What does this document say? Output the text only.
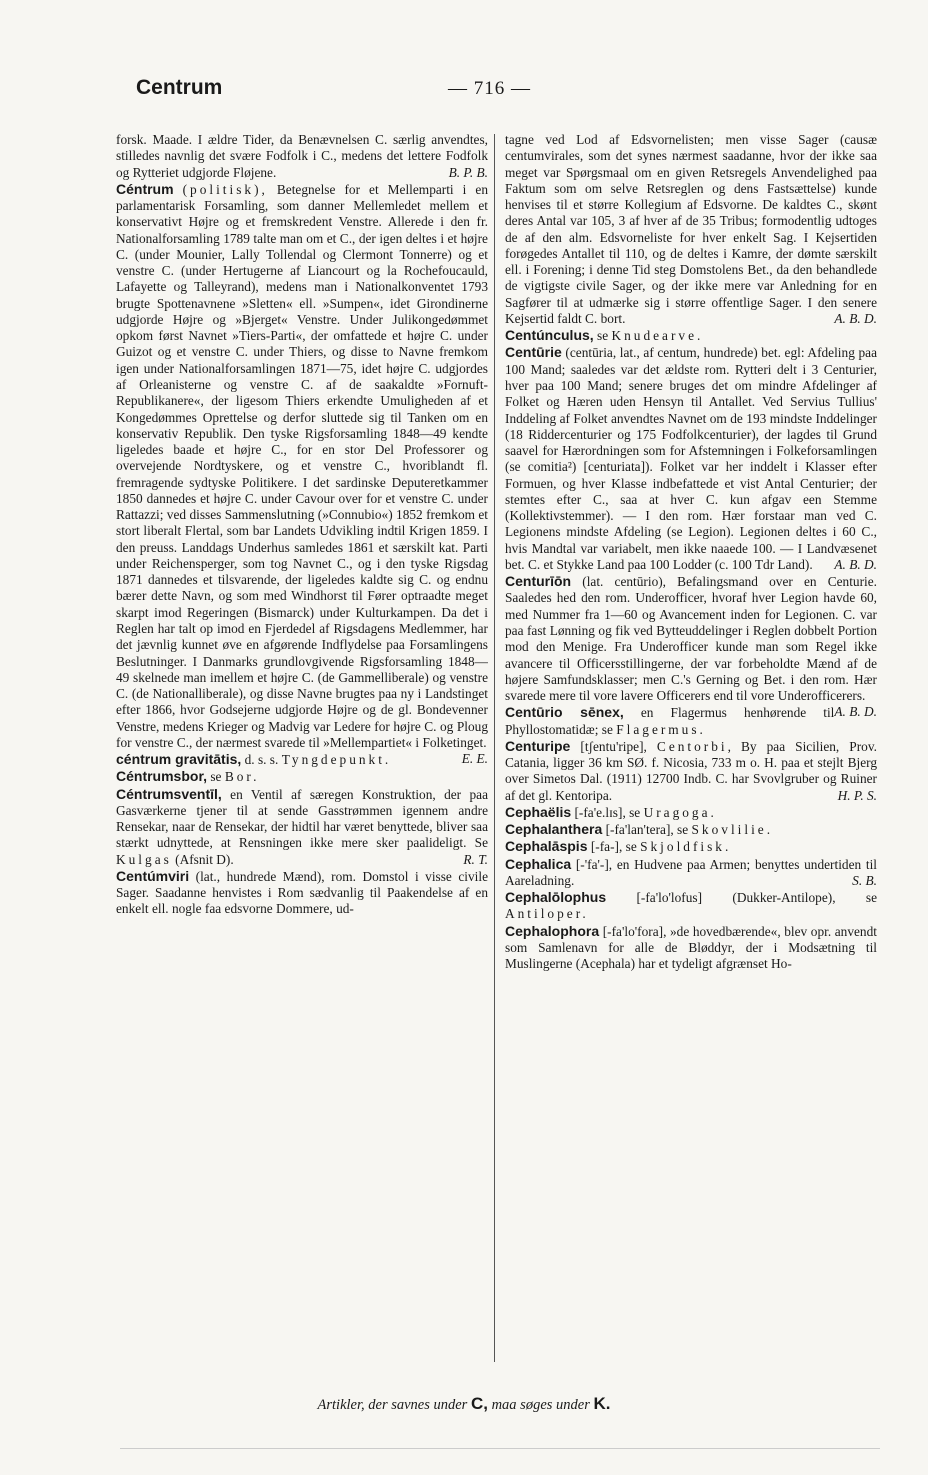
Centrum	— 716 —

forsk. Maade. I ældre Tider, da Benævnelsen C. særlig anvendtes, stilledes navnlig det svære Fodfolk i C., medens det lettere Fodfolk og Rytteriet udgjorde Fløjene.	B. P. B.

Céntrum (politisk), Betegnelse for et Mellemparti i en parlamentarisk Forsamling, som danner Mellemledet mellem et konservativt Højre og et fremskredent Venstre. Allerede i den fr. Nationalforsamling 1789 talte man om et C., der igen deltes i et højre C. (under Mounier, Lally Tollendal og Clermont Tonnerre) og et venstre C. (under Hertugerne af Liancourt og la Rochefoucauld, Lafayette og Talleyrand), medens man i Nationalkonventet 1793 brugte Spottenavnene »Sletten« ell. »Sumpen«, idet Girondinerne udgjorde Højre og »Bjerget« Venstre. Under Julikongedømmet opkom først Navnet »Tiers-Parti«, der omfattede et højre C. under Guizot og et venstre C. under Thiers, og disse to Navne fremkom igen under Nationalforsamlingen 1871—75, idet højre C. udgjordes af Orleanisterne og venstre C. af de saakaldte »Fornuft-Republikanere«, der ligesom Thiers erkendte Umuligheden af et Kongedømmes Oprettelse og derfor sluttede sig til Tanken om en konservativ Republik. Den tyske Rigsforsamling 1848—49 kendte ligeledes baade et højre C., for en stor Del Professorer og overvejende Nordtyskere, og et venstre C., hvoriblandt fl. fremragende sydtyske Politikere. I det sardinske Deputeretkammer 1850 dannedes et højre C. under Cavour over for et venstre C. under Rattazzi; ved disses Sammenslutning (»Connubio«) 1852 fremkom et stort liberalt Flertal, som bar Landets Udvikling indtil Krigen 1859. I den preuss. Landdags Underhus samledes 1861 et særskilt kat. Parti under Reichensperger, som tog Navnet C., og i den tyske Rigsdag 1871 dannedes et tilsvarende, der ligeledes kaldte sig C. og endnu bærer dette Navn, og som med Windhorst til Fører optraadte meget skarpt imod Regeringen (Bismarck) under Kulturkampen. Da det i Reglen har talt op imod en Fjerdedel af Rigsdagens Medlemmer, har det jævnlig kunnet øve en afgørende Indflydelse paa Forsamlingens Beslutninger. I Danmarks grundlovgivende Rigsforsamling 1848—49 skelnede man imellem et højre C. (de Gammelliberale) og venstre C. (de Nationalliberale), og disse Navne brugtes paa ny i Landstinget efter 1866, hvor Godsejerne udgjorde Højre og de gl. Bondevenner Venstre, medens Krieger og Madvig var Ledere for højre C. og Ploug for venstre C., der nærmest svarede til »Mellempartiet« i Folketinget.
E. E.

céntrum gravitātis, d. s. s. Tyngdepunkt.

Céntrumsbor, se Bor.

Céntrumsventīl, en Ventil af særegen Konstruktion, der paa Gasværkerne tjener til at sende Gasstrømmen igennem andre Rensekar, naar de Rensekar, der hidtil har været benyttede, bliver saa stærkt udnyttede, at Rensningen ikke mere sker paalideligt. Se Kulgas (Afsnit D).	R. T.

Centúmviri (lat., hundrede Mænd), rom. Domstol i visse civile Sager. Saadanne henvistes i Rom sædvanlig til Paakendelse af en enkelt ell. nogle faa edsvorne Dommere, ud-

tagne ved Lod af Edsvornelisten; men visse Sager (causæ centumvirales, som det synes nærmest saadanne, hvor der ikke saa meget var Spørgsmaal om en given Retsregels Anvendelighed paa Faktum som om selve Retsreglen og dens Fastsættelse) kunde henvises til et større Kollegium af Edsvorne. De kaldtes C., skønt deres Antal var 105, 3 af hver af de 35 Tribus; formodentlig udtoges de af den alm. Edsvorneliste for hver enkelt Sag. I Kejsertiden forøgedes Antallet til 110, og de deltes i Kamre, der dømte særskilt ell. i Forening; i denne Tid steg Domstolens Bet., da den behandlede de vigtigste civile Sager, og der ikke mere var Anledning for en Sagfører til at udmærke sig i større offentlige Sager. I den senere Kejsertid faldt C. bort.	A. B. D.

Centúnculus, se Knudearve.

Centūrie (centūria, lat., af centum, hundrede) bet. egl: Afdeling paa 100 Mand; saaledes var det ældste rom. Rytteri delt i 3 Centurier, hver paa 100 Mand; senere bruges det om mindre Afdelinger af Folket og Hæren uden Hensyn til Antallet. Ved Servius Tullius' Inddeling af Folket anvendtes Navnet om de 193 mindste Inddelinger (18 Riddercenturier og 175 Fodfolkcenturier), der lagdes til Grund saavel for Hærordningen som for Afstemningen i Folkeforsamlingen (se comitia²) [centuriata]). Folket var her inddelt i Klasser efter Formuen, og hver Klasse indbefattede et vist Antal Centurier; der stemtes efter C., saa at hver C. kun afgav een Stemme (Kollektivstemmer). — I den rom. Hær forstaar man ved C. Legionens mindste Afdeling (se Legion). Legionen deltes i 60 C., hvis Mandtal var variabelt, men ikke naaede 100. — I Landvæsenet bet. C. et Stykke Land paa 100 Lodder (c. 100 Tdr Land). A. B. D.

Centurīōn (lat. centūrio), Befalingsmand over en Centurie. Saaledes hed den rom. Underofficer, hvoraf hver Legion havde 60, med Nummer fra 1—60 og Avancement inden for Legionen. C. var paa fast Lønning og fik ved Bytteuddelinger i Reglen dobbelt Portion mod den Menige. Fra Underofficer kunde man som Regel ikke avancere til Officersstillingerne, der var forbeholdte Mænd af de højere Samfundsklasser; men C.'s Gerning og Bet. i den rom. Hær svarede mere til vore lavere Officerers end til vore Underofficerers.
A. B. D.

Centūrio sēnex, en Flagermus henhørende til Phyllostomatidæ; se Flagermus.

Centuripe [tʃentu'ripe], Centorbi, By paa Sicilien, Prov. Catania, ligger 36 km SØ. f. Nicosia, 733 m o. H. paa et stejlt Bjerg over Simetos Dal. (1911) 12700 Indb. C. har Svovlgruber og Ruiner af det gl. Kentoripa.	H. P. S.

Cephaëlis [-fa'e.lɪs], se Uragoga.

Cephalanthera [-fa'lan'tera], se Skovlilie.

Cephalāspis [-fa-], se Skjoldfisk.

Cephalica [-'fa'-], en Hudvene paa Armen; benyttes undertiden til Aareladning.	S. B.

Cephalōlophus [-fa'lo'lofus] (Dukker-Antilope), se Antiloper.

Cephalophora [-fa'lo'fora], »de hovedbærende«, blev opr. anvendt som Samlenavn for alle de Bløddyr, der i Modsætning til Muslingerne (Acephala) har et tydeligt afgrænset Ho-

Artikler, der savnes under C, maa søges under K.
